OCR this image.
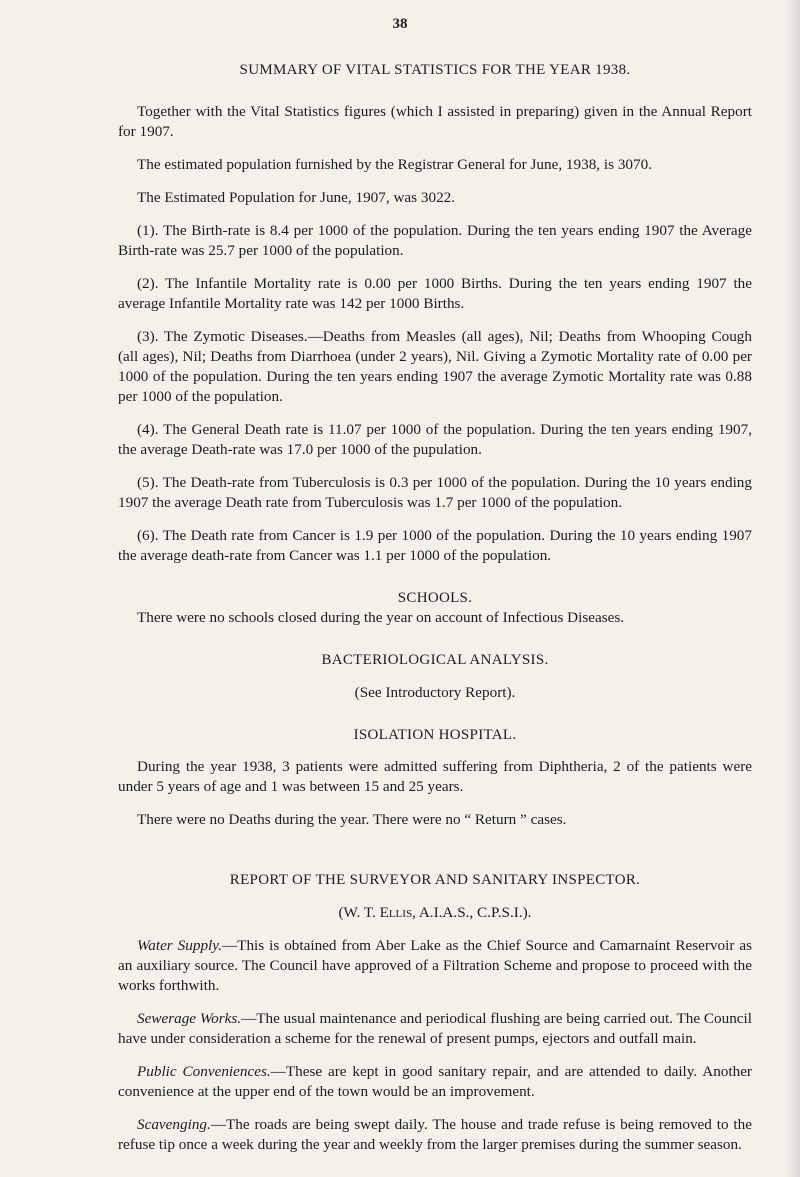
38
SUMMARY OF VITAL STATISTICS FOR THE YEAR 1938.

Together with the Vital Statistics figures (which I assisted in preparing) given in the Annual Report for 1907.

The estimated population furnished by the Registrar General for June, 1938, is 3070.

The Estimated Population for June, 1907, was 3022.

(1). The Birth-rate is 8.4 per 1000 of the population. During the ten years ending 1907 the Average Birth-rate was 25.7 per 1000 of the population.

(2). The Infantile Mortality rate is 0.00 per 1000 Births. During the ten years ending 1907 the average Infantile Mortality rate was 142 per 1000 Births.

(3). The Zymotic Diseases.—Deaths from Measles (all ages), Nil; Deaths from Whooping Cough (all ages), Nil; Deaths from Diarrhoea (under 2 years), Nil. Giving a Zymotic Mortality rate of 0.00 per 1000 of the population. During the ten years ending 1907 the average Zymotic Mortality rate was 0.88 per 1000 of the population.

(4). The General Death rate is 11.07 per 1000 of the population. During the ten years ending 1907, the average Death-rate was 17.0 per 1000 of the pupulation.

(5). The Death-rate from Tuberculosis is 0.3 per 1000 of the population. During the 10 years ending 1907 the average Death rate from Tuberculosis was 1.7 per 1000 of the population.

(6). The Death rate from Cancer is 1.9 per 1000 of the population. During the 10 years ending 1907 the average death-rate from Cancer was 1.1 per 1000 of the population.

SCHOOLS.

There were no schools closed during the year on account of Infectious Diseases.

BACTERIOLOGICAL ANALYSIS.
(See Introductory Report).
ISOLATION HOSPITAL.

During the year 1938, 3 patients were admitted suffering from Diphtheria, 2 of the patients were under 5 years of age and 1 was between 15 and 25 years.

There were no Deaths during the year. There were no “ Return ” cases.

REPORT OF THE SURVEYOR AND SANITARY INSPECTOR.
(W. T. Ellis, A.I.A.S., C.P.S.I.).

Water Supply.—This is obtained from Aber Lake as the Chief Source and Camarnaint Reservoir as an auxiliary source. The Council have approved of a Filtration Scheme and propose to proceed with the works forthwith.

Sewerage Works.—The usual maintenance and periodical flushing are being carried out. The Council have under consideration a scheme for the renewal of present pumps, ejectors and outfall main.

Public Conveniences.—These are kept in good sanitary repair, and are attended to daily. Another convenience at the upper end of the town would be an improvement.

Scavenging.—The roads are being swept daily. The house and trade refuse is being removed to the refuse tip once a week during the year and weekly from the larger premises during the summer season.
